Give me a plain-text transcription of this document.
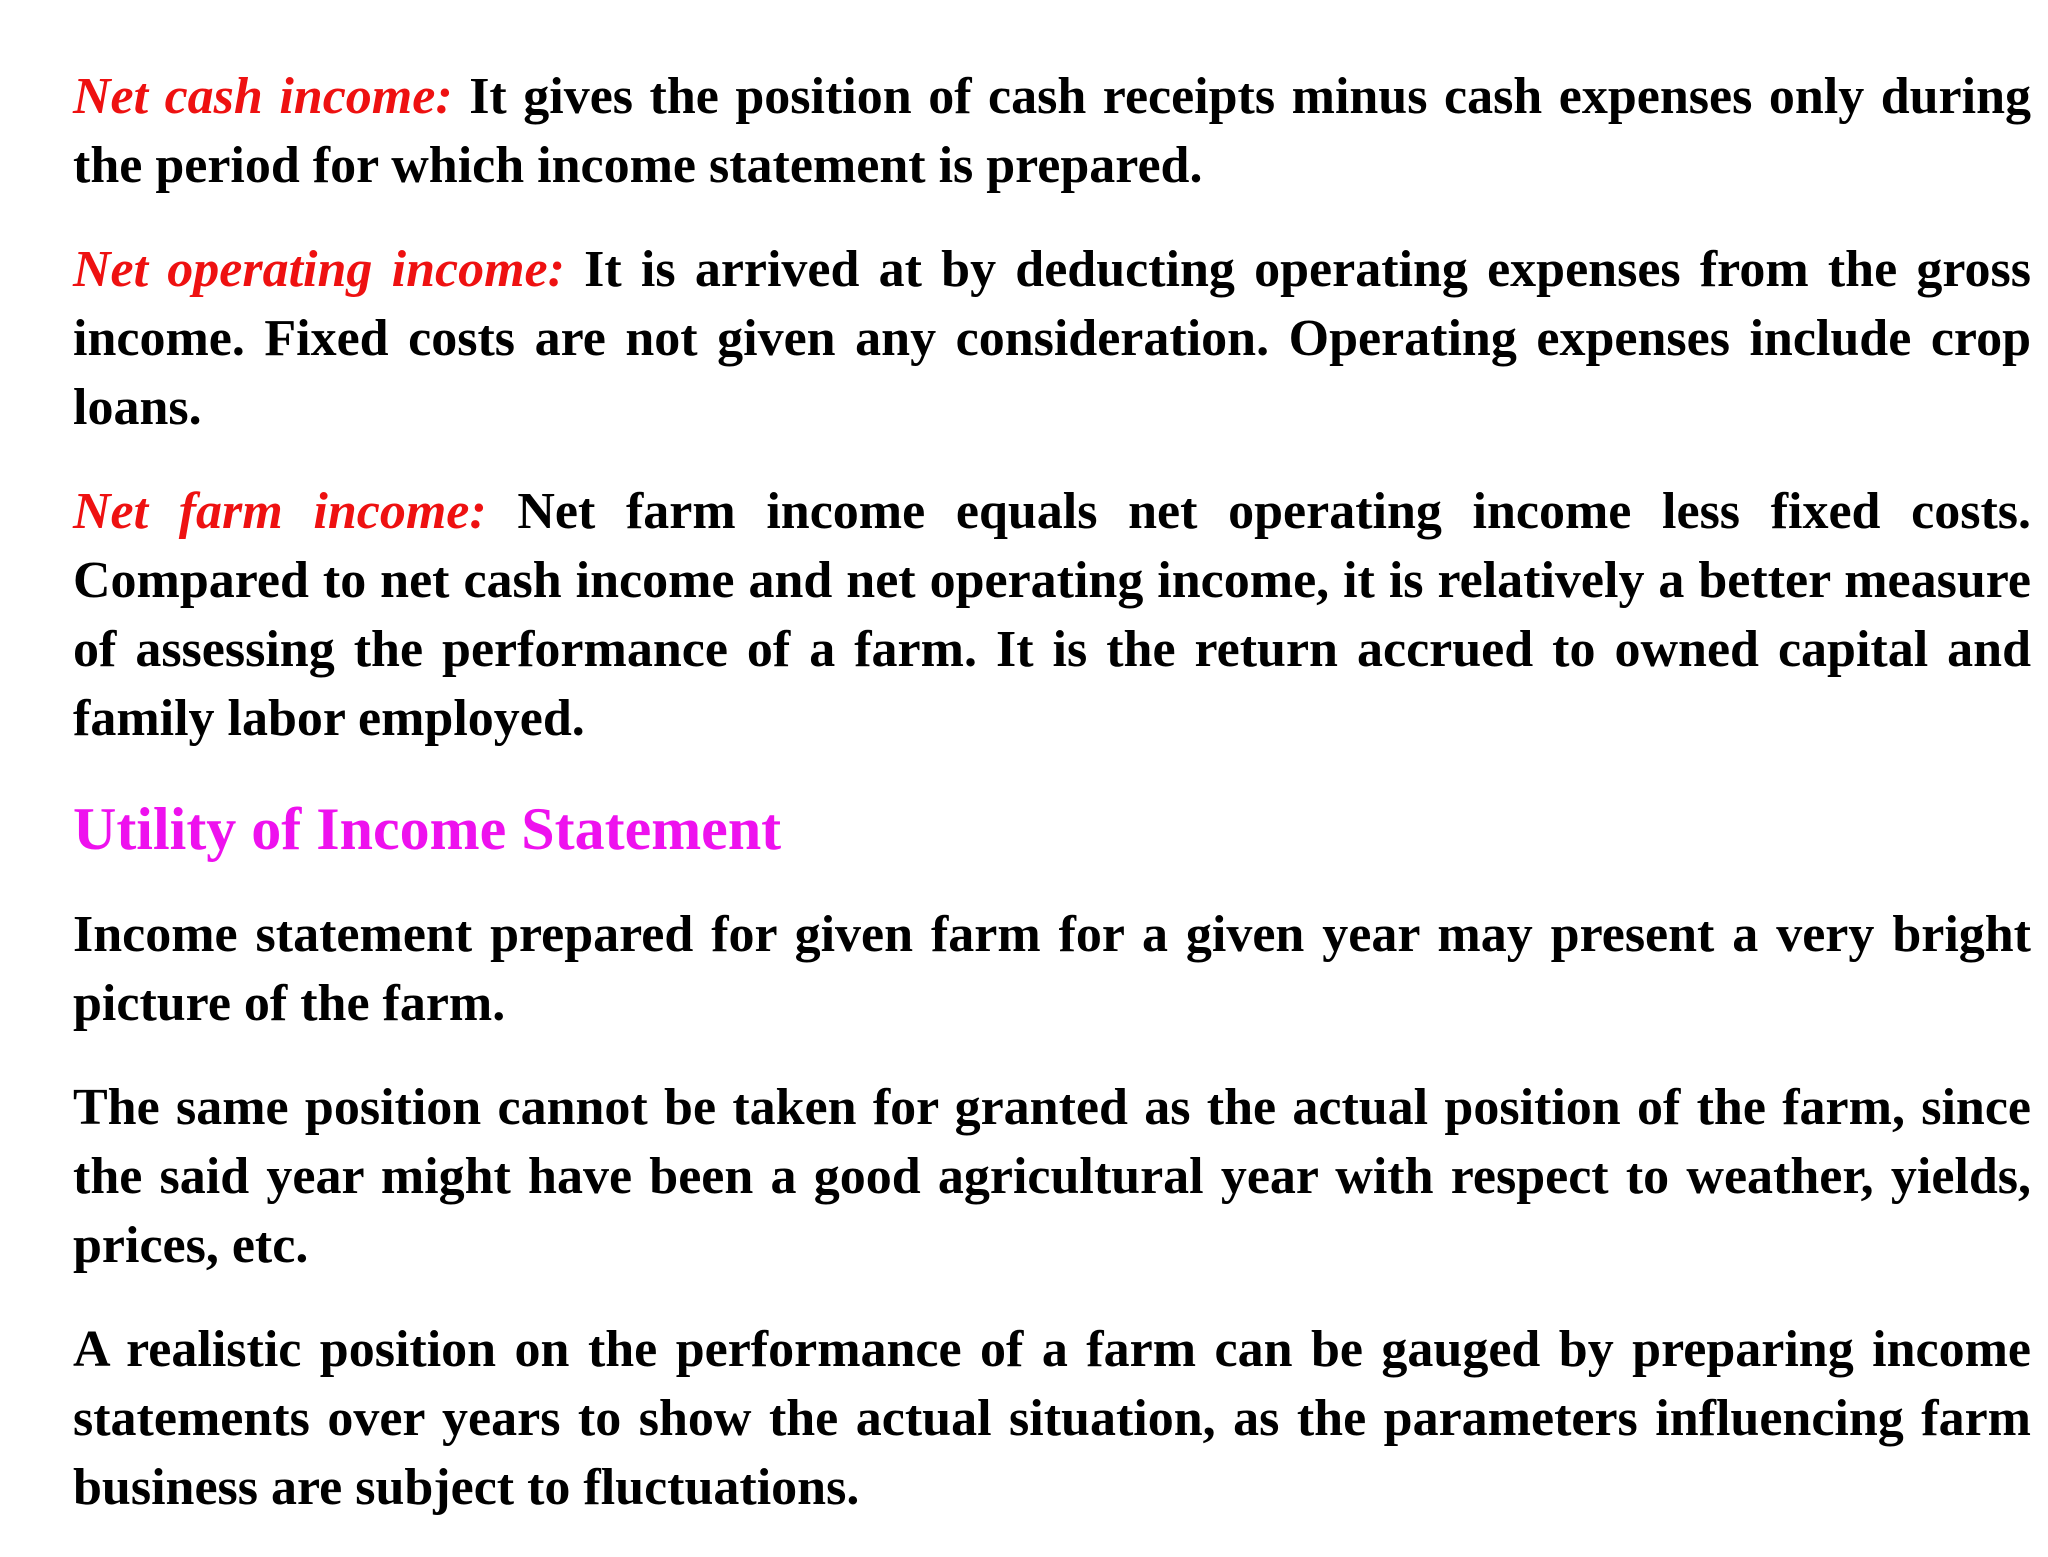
Net cash income: It gives the position of cash receipts minus cash expenses only during the period for which income statement is prepared.

Net operating income: It is arrived at by deducting operating expenses from the gross income. Fixed costs are not given any consideration. Operating expenses include crop loans.

Net farm income: Net farm income equals net operating income less fixed costs. Compared to net cash income and net operating income, it is relatively a better measure of assessing the performance of a farm. It is the return accrued to owned capital and family labor employed.

Utility of Income Statement

Income statement prepared for given farm for a given year may present a very bright picture of the farm.

The same position cannot be taken for granted as the actual position of the farm, since the said year might have been a good agricultural year with respect to weather, yields, prices, etc.

A realistic position on the performance of a farm can be gauged by preparing income statements over years to show the actual situation, as the parameters influencing farm business are subject to fluctuations.
